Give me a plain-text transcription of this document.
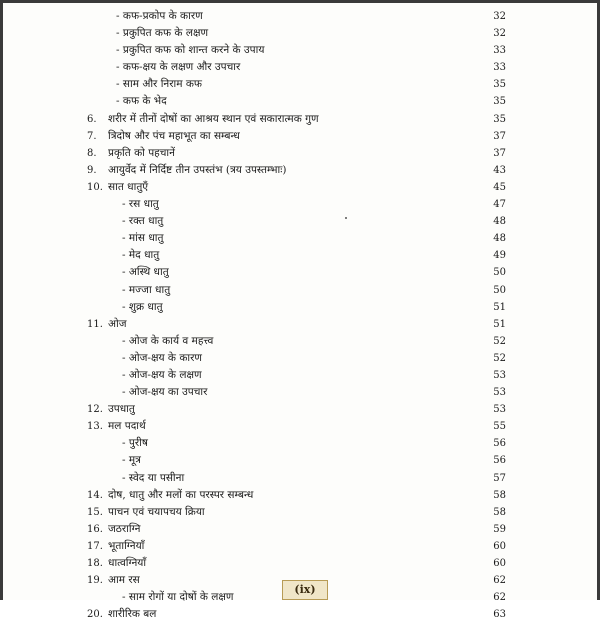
- कफ-प्रकोप के कारण	32
- प्रकुपित कफ के लक्षण	32
- प्रकुपित कफ को शान्त करने के उपाय	33
- कफ-क्षय के लक्षण और उपचार	33
- साम और निराम कफ	35
- कफ के भेद	35
6. शरीर में तीनों दोषों का आश्रय स्थान एवं सकारात्मक गुण	35
7. त्रिदोष और पंच महाभूत का सम्बन्ध	37
8. प्रकृति को पहचानें	37
9. आयुर्वेद में निर्दिष्ट तीन उपस्तंभ (त्रय उपस्तम्भाः)	43
10. सात धातुएँ	45
- रस धातु	47
- रक्त धातु	48
- मांस धातु	48
- मेद धातु	49
- अस्थि धातु	50
- मज्जा धातु	50
- शुक्र धातु	51
11. ओज	51
- ओज के कार्य व महत्त्व	52
- ओज-क्षय के कारण	52
- ओज-क्षय के लक्षण	53
- ओज-क्षय का उपचार	53
12. उपधातु	53
13. मल पदार्थ	55
- पुरीष	56
- मूत्र	56
- स्वेद या पसीना	57
14. दोष, धातु और मलों का परस्पर सम्बन्ध	58
15. पाचन एवं चयापचय क्रिया	58
16. जठराग्नि	59
17. भूताग्नियाँ	60
18. धात्वग्नियाँ	60
19. आम रस	62
- साम रोगों या दोषों के लक्षण	62
20. शारीरिक बल	63
(ix)
